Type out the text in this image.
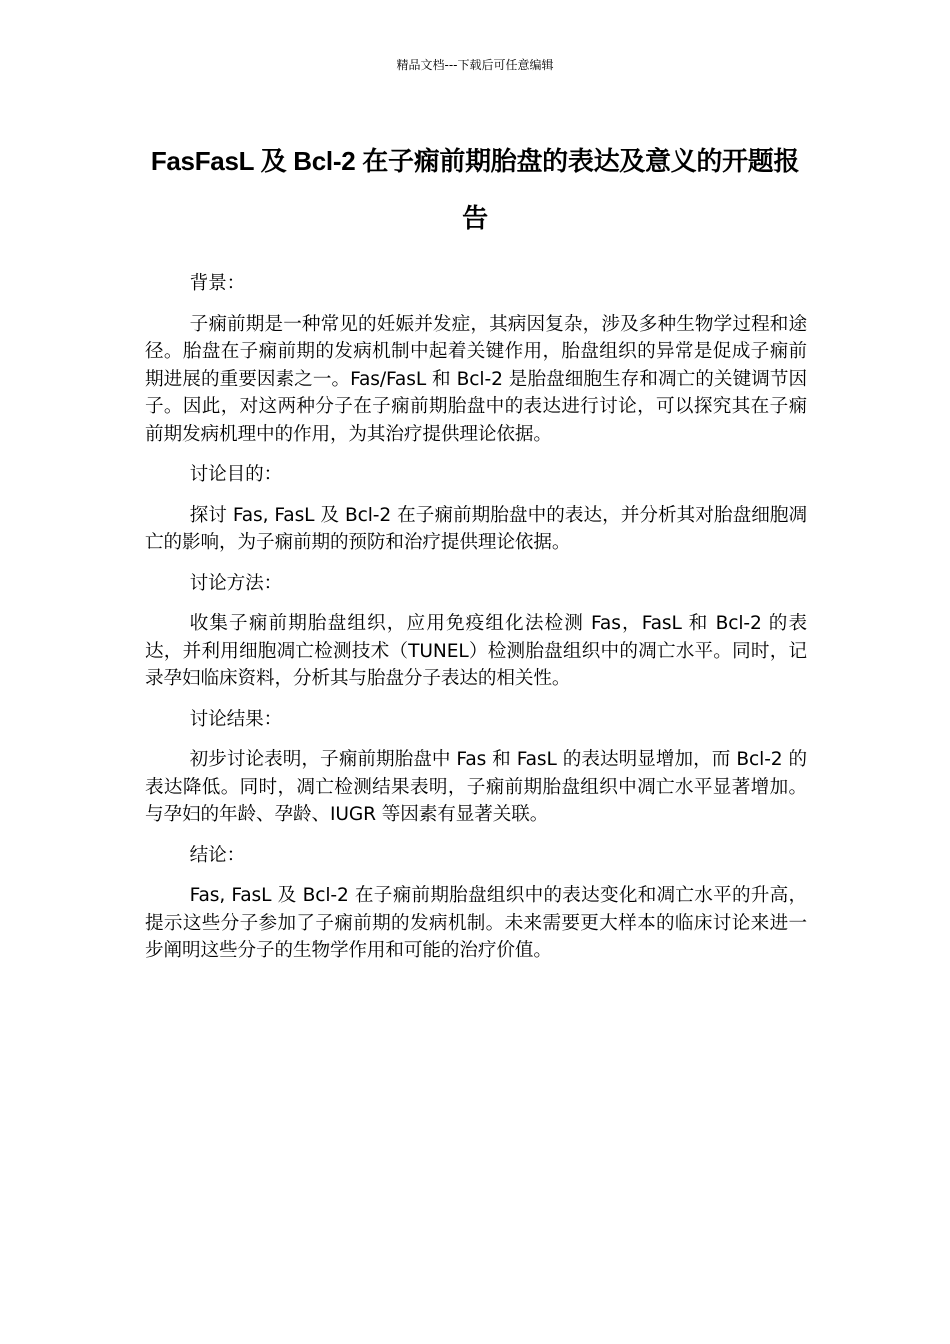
精品文档---下载后可任意编辑
FasFasL 及 Bcl-2 在子痫前期胎盘的表达及意义的开题报告

背景：

子痫前期是一种常见的妊娠并发症，其病因复杂，涉及多种生物学过程和途径。胎盘在子痫前期的发病机制中起着关键作用，胎盘组织的异常是促成子痫前期进展的重要因素之一。Fas/FasL 和 Bcl-2 是胎盘细胞生存和凋亡的关键调节因子。因此，对这两种分子在子痫前期胎盘中的表达进行讨论，可以探究其在子痫前期发病机理中的作用，为其治疗提供理论依据。

讨论目的：

探讨 Fas, FasL 及 Bcl-2 在子痫前期胎盘中的表达，并分析其对胎盘细胞凋亡的影响，为子痫前期的预防和治疗提供理论依据。

讨论方法：

收集子痫前期胎盘组织，应用免疫组化法检测 Fas，FasL 和 Bcl-2 的表达，并利用细胞凋亡检测技术（TUNEL）检测胎盘组织中的凋亡水平。同时，记录孕妇临床资料，分析其与胎盘分子表达的相关性。

讨论结果：

初步讨论表明，子痫前期胎盘中 Fas 和 FasL 的表达明显增加，而 Bcl-2 的表达降低。同时，凋亡检测结果表明，子痫前期胎盘组织中凋亡水平显著增加。与孕妇的年龄、孕龄、IUGR 等因素有显著关联。

结论：

Fas, FasL 及 Bcl-2 在子痫前期胎盘组织中的表达变化和凋亡水平的升高，提示这些分子参加了子痫前期的发病机制。未来需要更大样本的临床讨论来进一步阐明这些分子的生物学作用和可能的治疗价值。
